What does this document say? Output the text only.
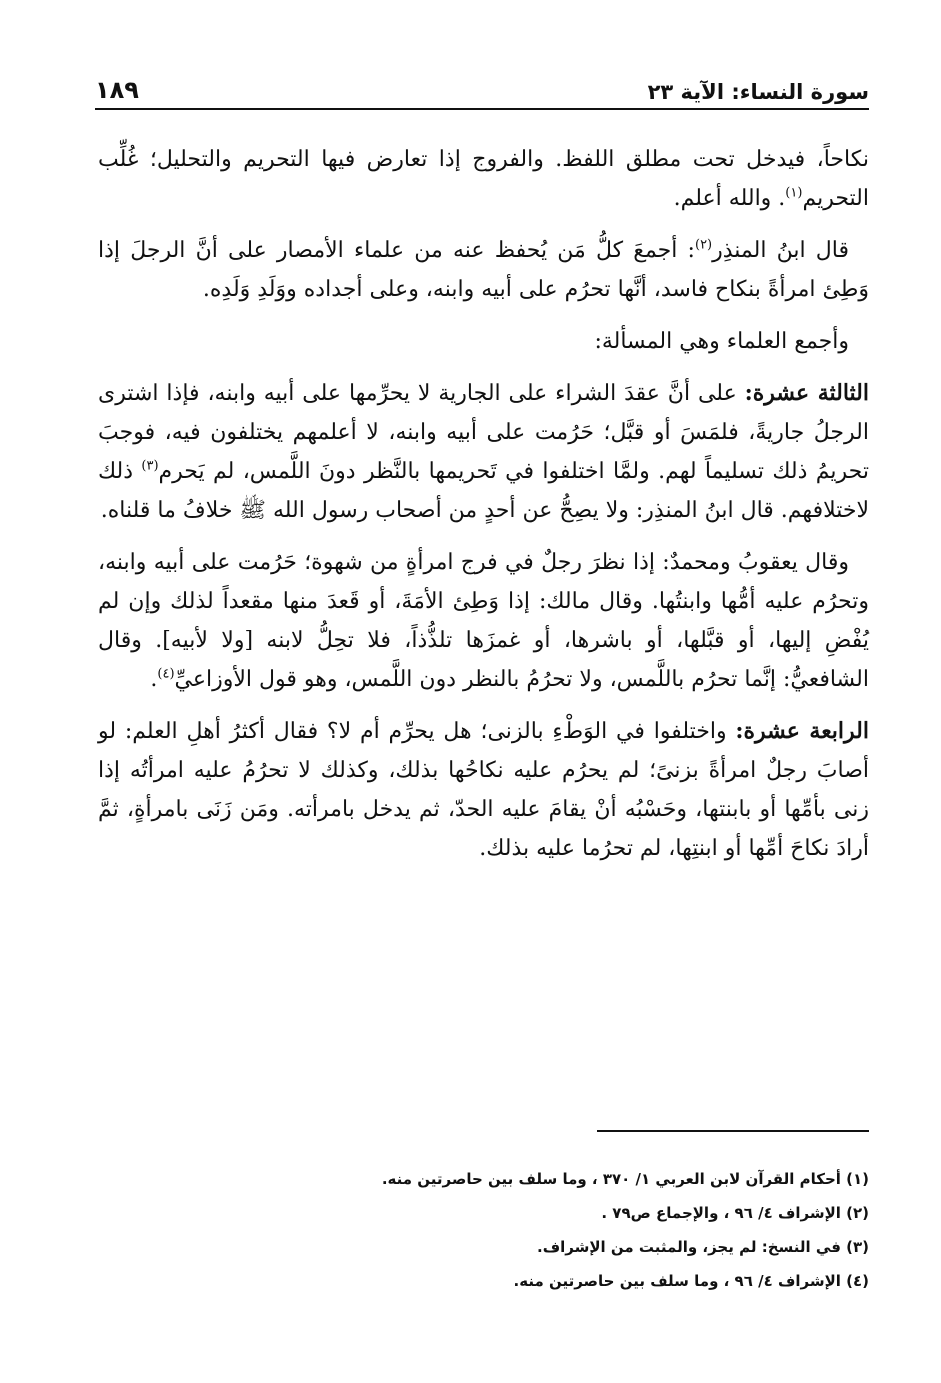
سورة النساء: الآية ٢٣
١٨٩

نكاحاً، فيدخل تحت مطلق اللفظ. والفروج إذا تعارض فيها التحريم والتحليل؛ غُلِّب التحريم$^{(١)}$. والله أعلم.

قال ابنُ المنذِر$^{(٢)}$: أجمعَ كلُّ مَن يُحفظ عنه من علماء الأمصار على أنَّ الرجلَ إذا وَطِئ امرأةً بنكاح فاسد، أنَّها تحرُم على أبيه وابنه، وعلى أجداده ووَلَدِ وَلَدِه.

وأجمع العلماء وهي المسألة:

الثالثة عشرة: على أنَّ عقدَ الشراء على الجارية لا يحرِّمها على أبيه وابنه، فإذا اشترى الرجلُ جاريةً، فلمَسَ أو قبَّل؛ حَرُمت على أبيه وابنه، لا أعلمهم يختلفون فيه، فوجبَ تحريمُ ذلك تسليماً لهم. ولمَّا اختلفوا في تَحريمها بالنَّظر دونَ اللَّمس، لم يَحرم$^{(٣)}$ ذلك لاختلافهم. قال ابنُ المنذِر: ولا يصِحُّ عن أحدٍ من أصحاب رسول الله ﷺ خلافُ ما قلناه.

وقال يعقوبُ ومحمدٌ: إذا نظرَ رجلٌ في فرج امرأةٍ من شهوة؛ حَرُمت على أبيه وابنه، وتحرُم عليه أمُّها وابنتُها. وقال مالك: إذا وَطِئ الأمَةَ، أو قَعدَ منها مقعداً لذلك وإن لم يُفْضِ إليها، أو قبَّلها، أو باشرها، أو غمزَها تلذُّذاً، فلا تحِلُّ لابنه [ولا لأبيه]. وقال الشافعيُّ: إنَّما تحرُم باللَّمس، ولا تحرُمُ بالنظر دون اللَّمس، وهو قول الأوزاعيِّ$^{(٤)}$.

الرابعة عشرة: واختلفوا في الوَطْءِ بالزنى؛ هل يحرِّم أم لا؟ فقال أكثرُ أهلِ العلم: لو أصابَ رجلٌ امرأةً بزنىً؛ لم يحرُم عليه نكاحُها بذلك، وكذلك لا تحرُمُ عليه امرأتُه إذا زنى بأمِّها أو بابنتها، وحَسْبُه أنْ يقامَ عليه الحدّ، ثم يدخل بامرأته. ومَن زَنَى بامرأةٍ، ثمَّ أرادَ نكاحَ أمِّها أو ابنتِها، لم تحرُما عليه بذلك.

(١) أحكام القرآن لابن العربي ١/ ٣٧٠ ، وما سلف بين حاصرتين منه.
(٢) الإشراف ٤/ ٩٦ ، والإجماع ص٧٩ .
(٣) في النسخ: لم يجز، والمثبت من الإشراف.
(٤) الإشراف ٤/ ٩٦ ، وما سلف بين حاصرتين منه.
